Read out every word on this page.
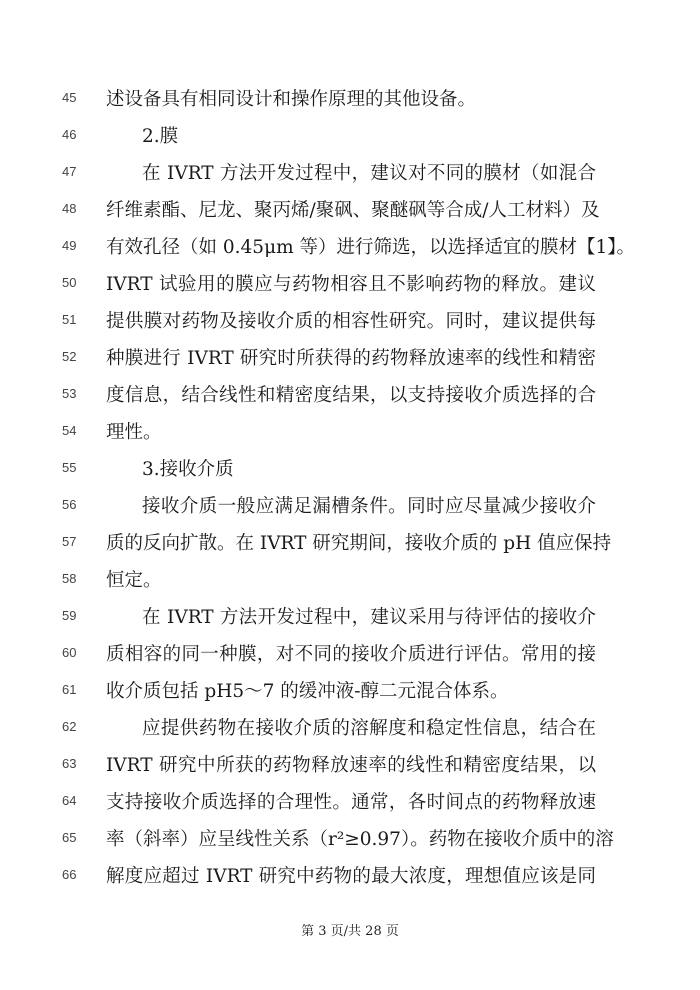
45	述设备具有相同设计和操作原理的其他设备。
46	2.膜
47	在 IVRT 方法开发过程中，建议对不同的膜材（如混合
48	纤维素酯、尼龙、聚丙烯/聚砜、聚醚砜等合成/人工材料）及
49	有效孔径（如 0.45μm 等）进行筛选，以选择适宜的膜材【1】。
50	IVRT 试验用的膜应与药物相容且不影响药物的释放。建议
51	提供膜对药物及接收介质的相容性研究。同时，建议提供每
52	种膜进行 IVRT 研究时所获得的药物释放速率的线性和精密
53	度信息，结合线性和精密度结果，以支持接收介质选择的合
54	理性。
55	3.接收介质
56	接收介质一般应满足漏槽条件。同时应尽量减少接收介
57	质的反向扩散。在 IVRT 研究期间，接收介质的 pH 值应保持
58	恒定。
59	在 IVRT 方法开发过程中，建议采用与待评估的接收介
60	质相容的同一种膜，对不同的接收介质进行评估。常用的接
61	收介质包括 pH5～7 的缓冲液-醇二元混合体系。
62	应提供药物在接收介质的溶解度和稳定性信息，结合在
63	IVRT 研究中所获的药物释放速率的线性和精密度结果，以
64	支持接收介质选择的合理性。通常，各时间点的药物释放速
65	率（斜率）应呈线性关系（r²≥0.97）。药物在接收介质中的溶
66	解度应超过 IVRT 研究中药物的最大浓度，理想值应该是同
第 3 页/共 28 页
